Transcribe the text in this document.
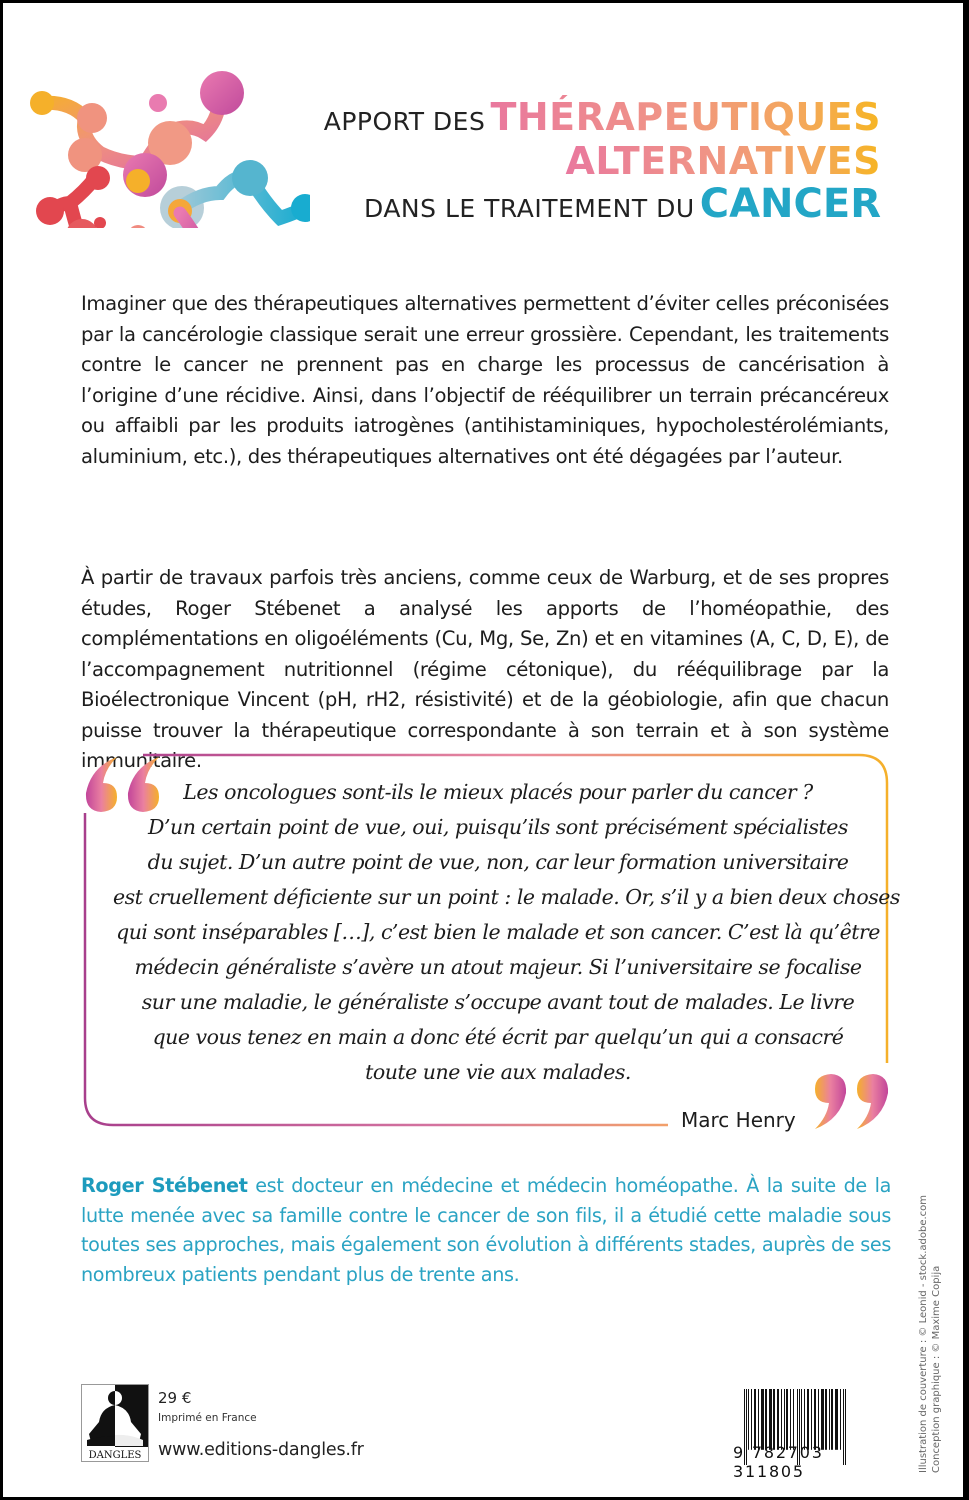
APPORT DES THÉRAPEUTIQUES
ALTERNATIVES
DANS LE TRAITEMENT DU CANCER

Imaginer que des thérapeutiques alternatives permettent d’éviter celles préconisées par la cancérologie classique serait une erreur grossière. Cependant, les traitements contre le cancer ne prennent pas en charge les processus de cancérisation à l’origine d’une récidive. Ainsi, dans l’objectif de rééquilibrer un terrain précancéreux ou affaibli par les produits iatrogènes (antihistaminiques, hypocholestérolémiants, aluminium, etc.), des thérapeutiques alternatives ont été dégagées par l’auteur.

À partir de travaux parfois très anciens, comme ceux de Warburg, et de ses propres études, Roger Stébenet a analysé les apports de l’homéopathie, des complémentations en oligoéléments (Cu, Mg, Se, Zn) et en vitamines (A, C, D, E), de l’accompagnement nutritionnel (régime cétonique), du rééquilibrage par la Bioélectronique Vincent (pH, rH2, résistivité) et de la géobiologie, afin que chacun puisse trouver la thérapeutique correspondante à son terrain et à son système immunitaire.

Les oncologues sont-ils le mieux placés pour parler du cancer ?
D’un certain point de vue, oui, puisqu’ils sont précisément spécialistes
du sujet. D’un autre point de vue, non, car leur formation universitaire
est cruellement déficiente sur un point : le malade. Or, s’il y a bien deux choses
qui sont inséparables […], c’est bien le malade et son cancer. C’est là qu’être
médecin généraliste s’avère un atout majeur. Si l’universitaire se focalise
sur une maladie, le généraliste s’occupe avant tout de malades. Le livre
que vous tenez en main a donc été écrit par quelqu’un qui a consacré
toute une vie aux malades.
Marc Henry

Roger Stébenet est docteur en médecine et médecin homéopathe. À la suite de la lutte menée avec sa famille contre le cancer de son fils, il a étudié cette maladie sous toutes ses approches, mais également son évolution à différents stades, auprès de ses nombreux patients pendant plus de trente ans.

DANGLES
29 €
Imprimé en France
www.editions-dangles.fr	9 782703 311805	Illustration de couverture : © Leonid - stock.adobe.com Conception graphique : © Maxime Copija
